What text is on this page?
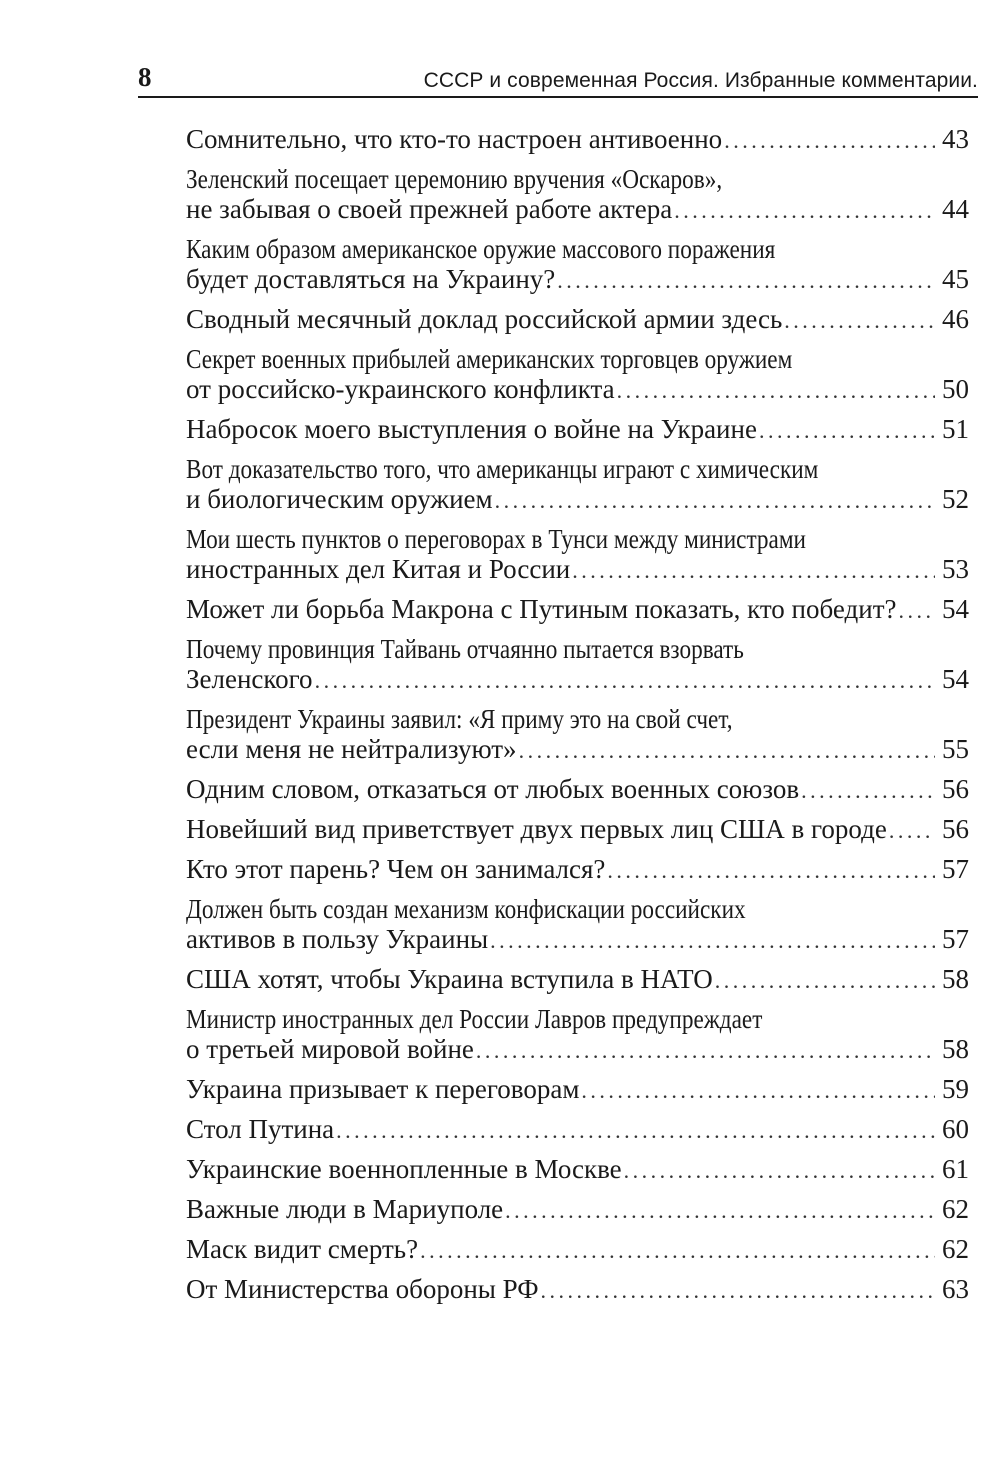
8	СССР и современная Россия. Избранные комментарии.
Сомнительно, что кто-то настроен антивоенно . . .	43
Зеленский посещает церемонию вручения «Оскаров»,
не забывая о своей прежней работе актера . . .	44
Каким образом американское оружие массового поражения
будет доставляться на Украину? . . .	45
Сводный месячный доклад российской армии здесь . . .	46
Секрет военных прибылей американских торговцев оружием
от российско-украинского конфликта . . .	50
Набросок моего выступления о войне на Украине . . .	51
Вот доказательство того, что американцы играют с химическим
и биологическим оружием . . .	52
Мои шесть пунктов о переговорах в Тунси между министрами
иностранных дел Китая и России . . .	53
Может ли борьба Макрона с Путиным показать, кто победит? . . . 54
Почему провинция Тайвань отчаянно пытается взорвать
Зеленского . . .	54
Президент Украины заявил: «Я приму это на свой счет,
если меня не нейтрализуют» . . .	55
Одним словом, отказаться от любых военных союзов . . .	56
Новейший вид приветствует двух первых лиц США в городе . . . 56
Кто этот парень? Чем он занимался? . . .	57
Должен быть создан механизм конфискации российских
активов в пользу Украины . . .	57
США хотят, чтобы Украина вступила в НАТО . . .	58
Министр иностранных дел России Лавров предупреждает
о третьей мировой войне . . .	58
Украина призывает к переговорам . . .	59
Стол Путина . . .	60
Украинские военнопленные в Москве . . .	61
Важные люди в Мариуполе . . .	62
Маск видит смерть? . . .	62
От Министерства обороны РФ . . .	63
